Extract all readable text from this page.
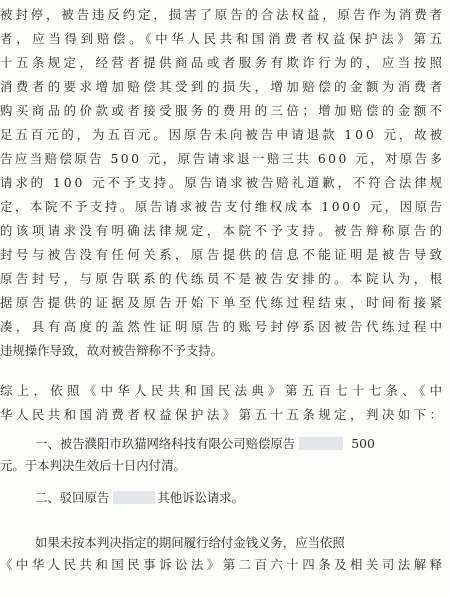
被封停，被告违反约定，损害了原告的合法权益，原告作为消费者
者，应当得到赔偿。《中华人民共和国消费者权益保护法》第五
十五条规定，经营者提供商品或者服务有欺诈行为的，应当按照
消费者的要求增加赔偿其受到的损失，增加赔偿的金额为消费者
购买商品的价款或者接受服务的费用的三倍；增加赔偿的金额不
足五百元的，为五百元。因原告未向被告申请退款 100 元，故被
告应当赔偿原告 500 元，原告请求退一赔三共 600 元，对原告多
请求的 100 元不予支持。原告请求被告赔礼道歉，不符合法律规
定，本院不予支持。原告请求被告支付维权成本 1000 元，因原告
的该项请求没有明确法律规定，本院不予支持。被告辩称原告的
封号与被告没有任何关系，原告提供的信息不能证明是被告导致
原告封号，与原告联系的代练员不是被告安排的。本院认为，根
据原告提供的证据及原告开始下单至代练过程结束，时间衔接紧
凑，具有高度的盖然性证明原告的账号封停系因被告代练过程中
违规操作导致，故对被告辩称不予支持。
综上，依照《中华人民共和国民法典》第五百七十七条、《中
华人民共和国消费者权益保护法》第五十五条规定，判决如下：
一、被告濮阳市玖猫网络科技有限公司赔偿原告	500
元。于本判决生效后十日内付清。
二、驳回原告	其他诉讼请求。
如果未按本判决指定的期间履行给付金钱义务，应当依照
《中华人民共和国民事诉讼法》第二百六十四条及相关司法解释
